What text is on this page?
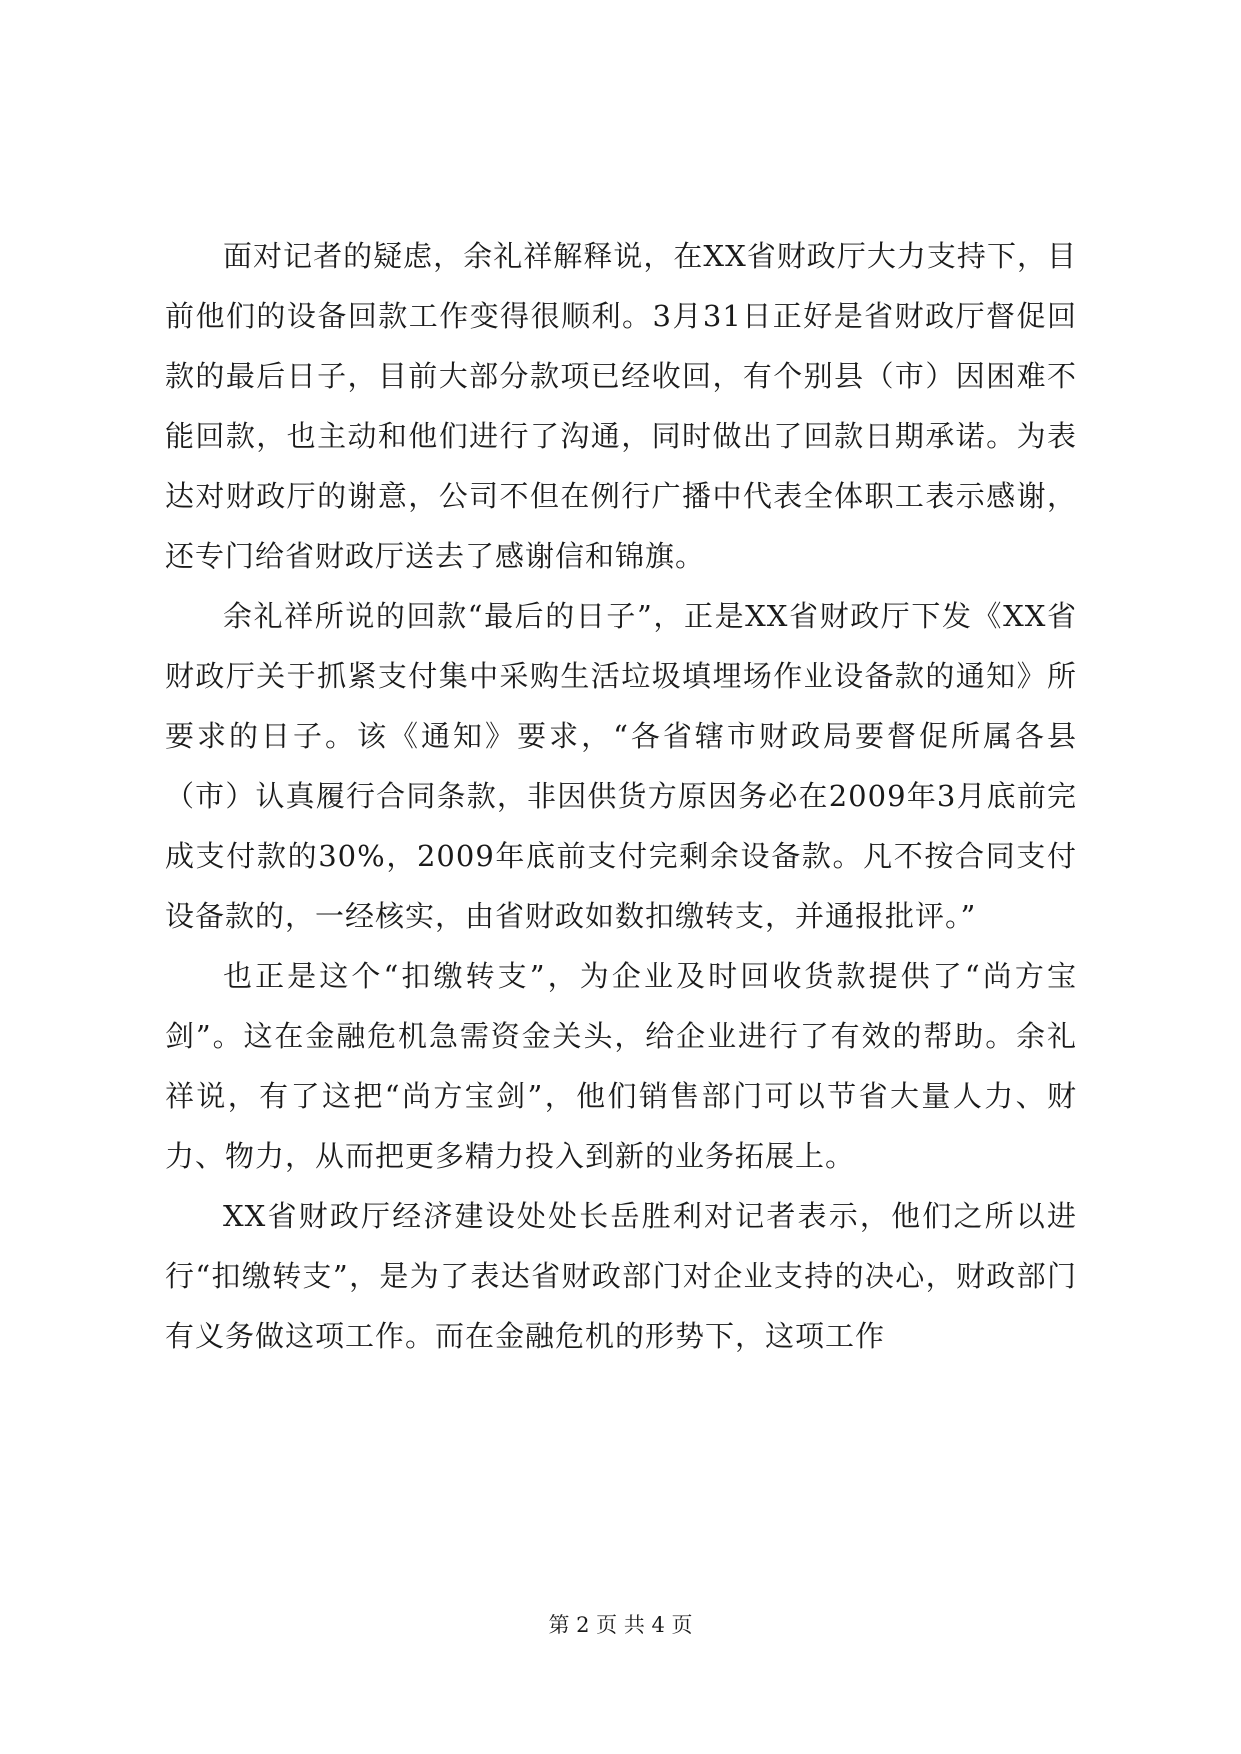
面对记者的疑虑，余礼祥解释说，在XX省财政厅大力支持下，目前他们的设备回款工作变得很顺利。3月31日正好是省财政厅督促回款的最后日子，目前大部分款项已经收回，有个别县（市）因困难不能回款，也主动和他们进行了沟通，同时做出了回款日期承诺。为表达对财政厅的谢意，公司不但在例行广播中代表全体职工表示感谢，还专门给省财政厅送去了感谢信和锦旗。

余礼祥所说的回款“最后的日子”，正是XX省财政厅下发《XX省财政厅关于抓紧支付集中采购生活垃圾填埋场作业设备款的通知》所要求的日子。该《通知》要求，“各省辖市财政局要督促所属各县（市）认真履行合同条款，非因供货方原因务必在2009年3月底前完成支付款的30%，2009年底前支付完剩余设备款。凡不按合同支付设备款的，一经核实，由省财政如数扣缴转支，并通报批评。”

也正是这个“扣缴转支”，为企业及时回收货款提供了“尚方宝剑”。这在金融危机急需资金关头，给企业进行了有效的帮助。余礼祥说，有了这把“尚方宝剑”，他们销售部门可以节省大量人力、财力、物力，从而把更多精力投入到新的业务拓展上。

XX省财政厅经济建设处处长岳胜利对记者表示，他们之所以进行“扣缴转支”，是为了表达省财政部门对企业支持的决心，财政部门有义务做这项工作。而在金融危机的形势下，这项工作

第 2 页 共 4 页
